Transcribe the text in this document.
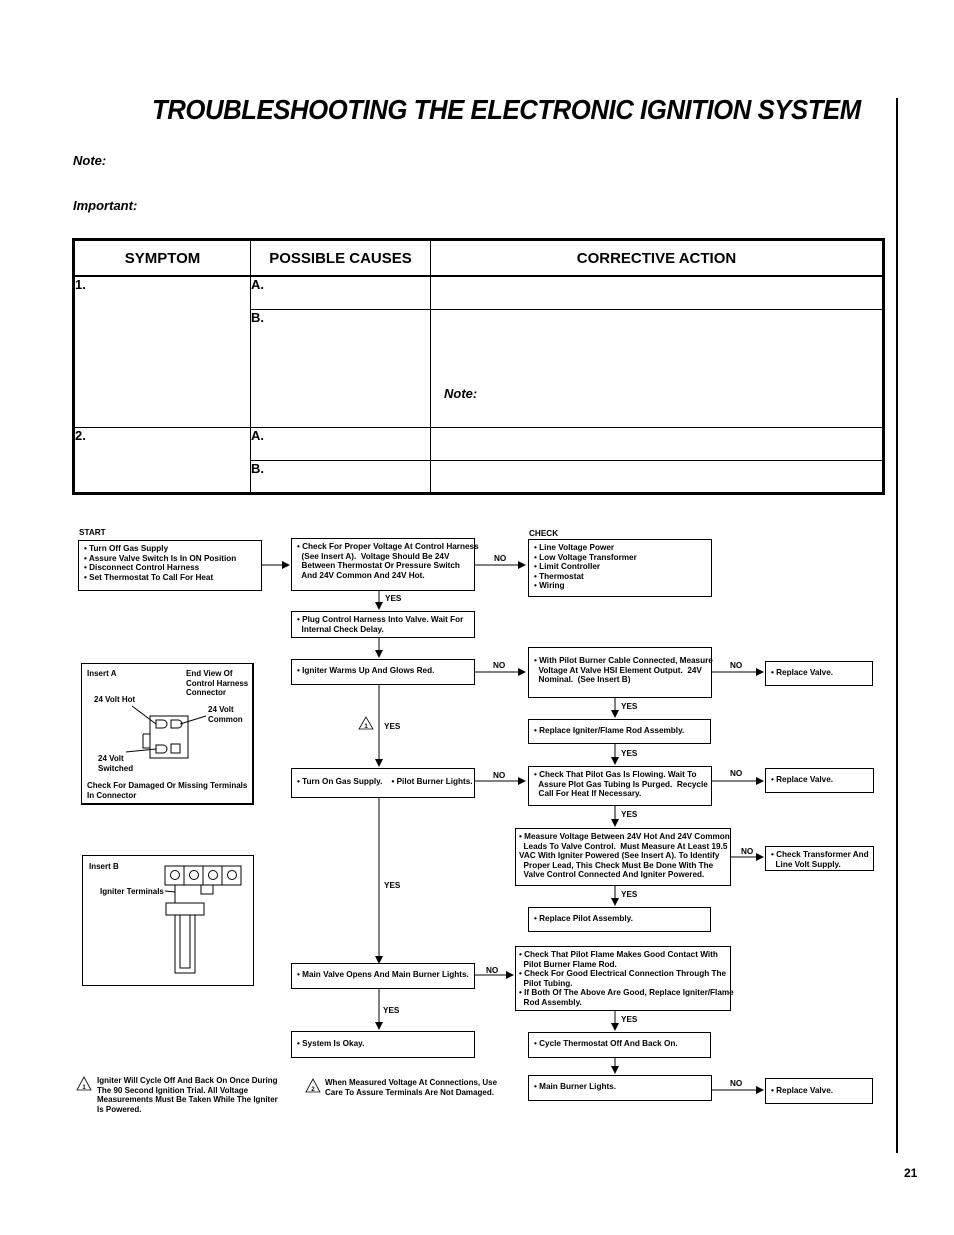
TROUBLESHOOTING THE ELECTRONIC IGNITION SYSTEM
Note:
Important:
SYMPTOM	POSSIBLE CAUSES	CORRECTIVE ACTION
1.	A.	
	B.	Note:

2.	A.	
	B.	
1
START	CHECK
NO
YES
NO	NO
YES
YES
YES
NO	NO
YES
NO
YES
YES
NO
YES
YES
NO
• Turn Off Gas Supply
• Assure Valve Switch Is In ON Position
• Disconnect Control Harness
• Set Thermostat To Call For Heat
• Check For Proper Voltage At Control Harness
(See Insert A).  Voltage Should Be 24V
Between Thermostat Or Pressure Switch
And 24V Common And 24V Hot.
• Line Voltage Power
• Low Voltage Transformer
• Limit Controller
• Thermostat
• Wiring
• Plug Control Harness Into Valve. Wait For
Internal Check Delay.
• Igniter Warms Up And Glows Red.
• With Pilot Burner Cable Connected, Measure
Voltage At Valve HSI Element Output.  24V
Nominal.  (See Insert B)
• Replace Valve.
• Replace Igniter/Flame Rod Assembly.
• Turn On Gas Supply.    • Pilot Burner Lights.
• Check That Pilot Gas Is Flowing. Wait To
Assure Plot Gas Tubing Is Purged.  Recycle
Call For Heat If Necessary.
• Replace Valve.
• Measure Voltage Between 24V Hot And 24V Common
Leads To Valve Control.  Must Measure At Least 19.5
VAC With Igniter Powered (See Insert A). To Identify
Proper Lead, This Check Must Be Done With The
Valve Control Connected And Igniter Powered.
• Check Transformer And
Line Volt Supply.
• Replace Pilot Assembly.
• Main Valve Opens And Main Burner Lights.
• Check That Pilot Flame Makes Good Contact With
Pilot Burner Flame Rod.
• Check For Good Electrical Connection Through The
Pilot Tubing.
• If Both Of The Above Are Good, Replace Igniter/Flame
Rod Assembly.
• System Is Okay.	• Cycle Thermostat Off And Back On.
• Main Burner Lights.	• Replace Valve.
Insert A	End View Of
Control Harness
Connector
24 Volt Hot
24 Volt
Common
24 Volt
Switched
Check For Damaged Or Missing Terminals
In Connector
Insert B
Igniter Terminals
1
Igniter Will Cycle Off And Back On Once During
The 90 Second Ignition Trial. All Voltage
Measurements Must Be Taken While The Igniter
Is Powered.
2
When Measured Voltage At Connections, Use
Care To Assure Terminals Are Not Damaged.
21
